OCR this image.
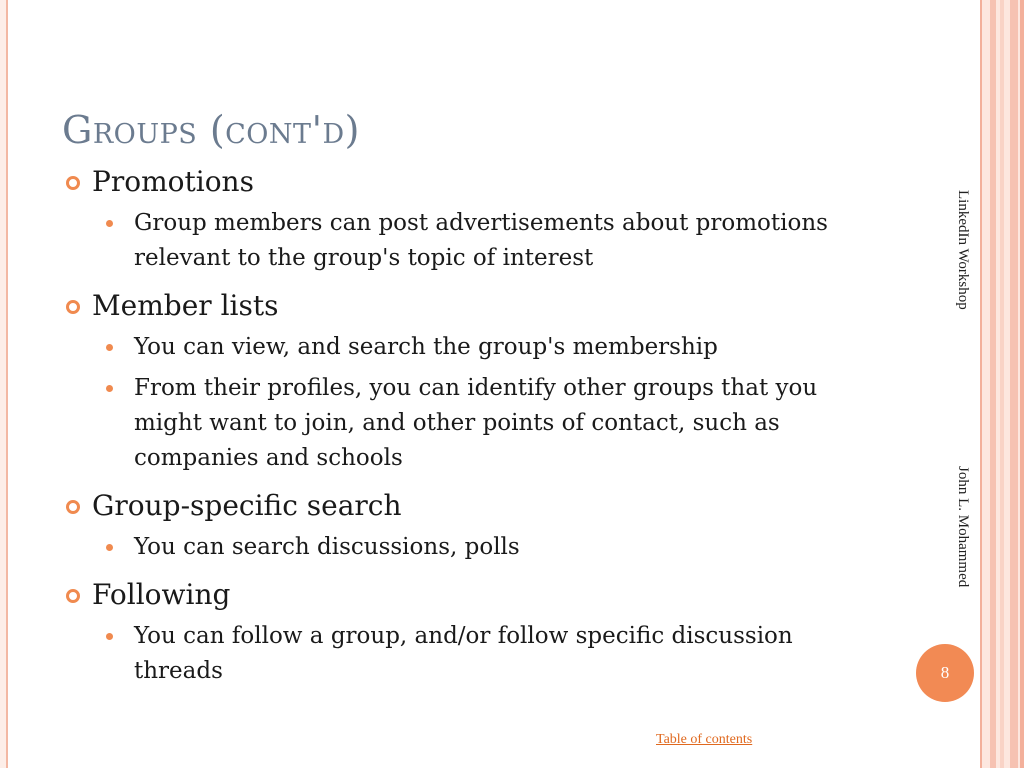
Groups (cont'd)
Promotions
Group members can post advertisements about promotions relevant to the group's topic of interest
Member lists
You can view, and search the group's membership
From their profiles, you can identify other groups that you might want to join, and other points of contact, such as companies and schools
Group-specific search
You can search discussions, polls
Following
You can follow a group, and/or follow specific discussion threads
LinkedIn Workshop
John L. Mohammed
8
Table of contents
